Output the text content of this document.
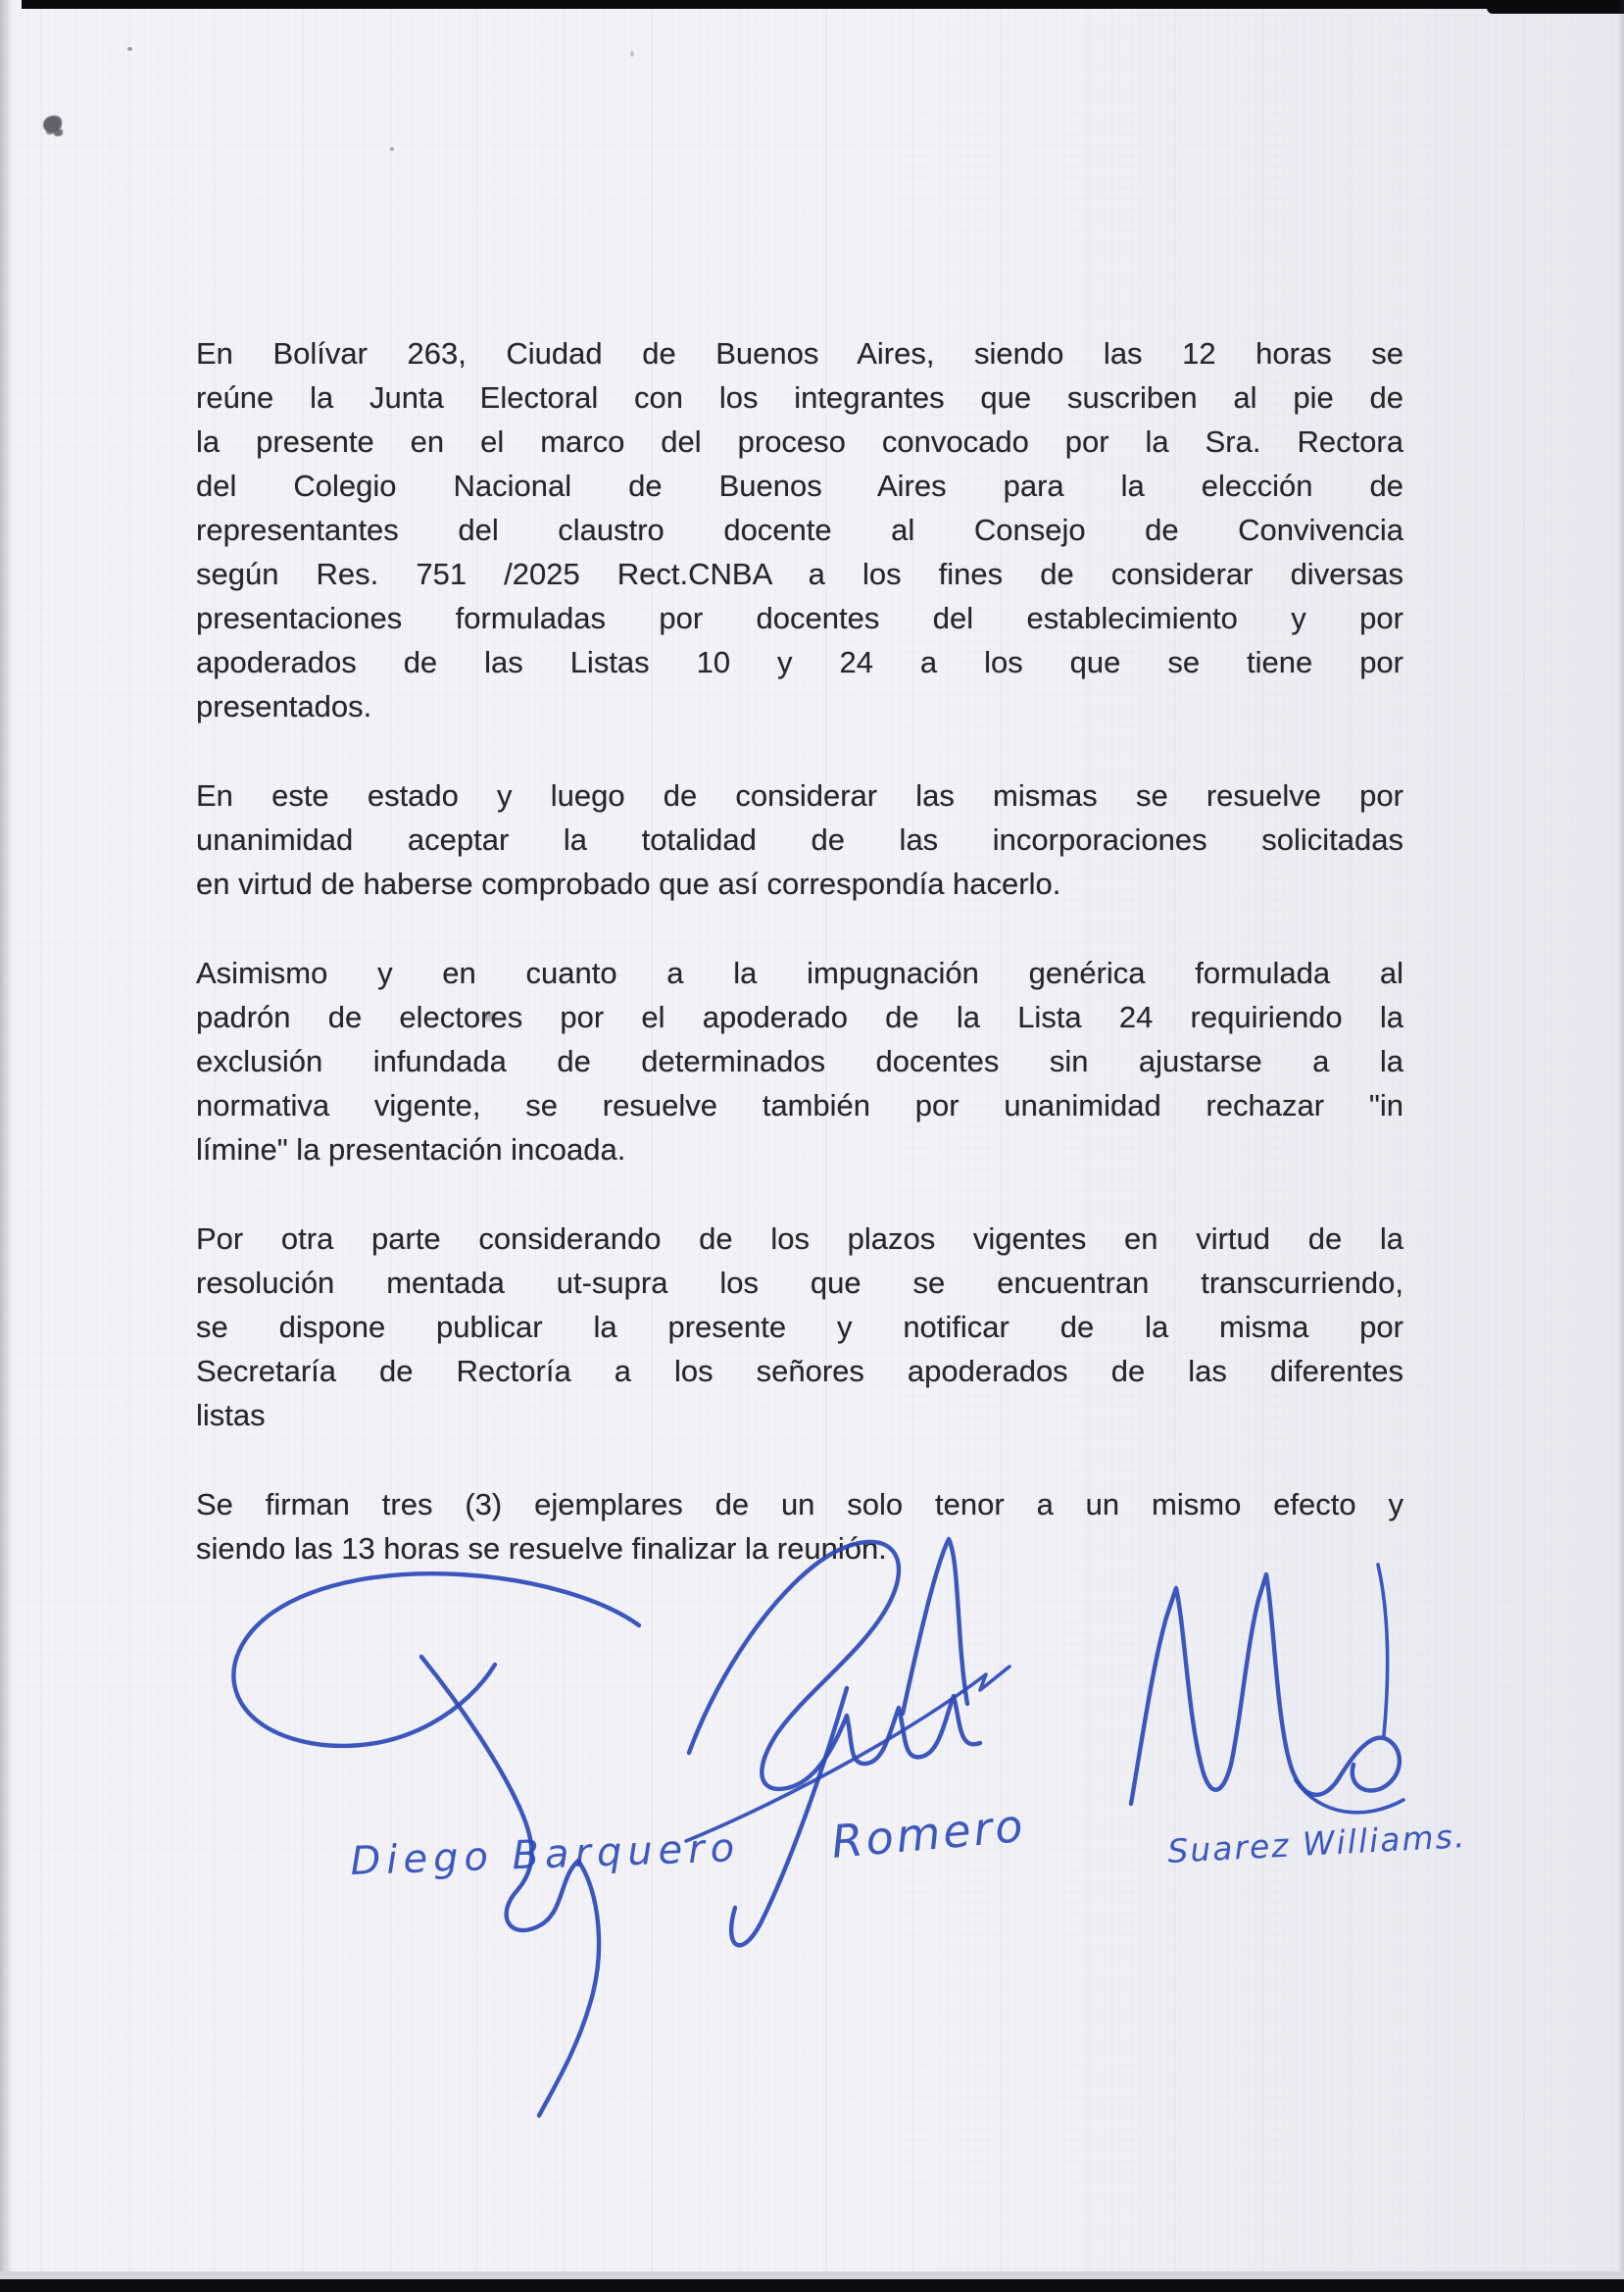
En Bolívar 263, Ciudad de Buenos Aires, siendo las 12 horas se
reúne la Junta Electoral con los integrantes que suscriben al pie de
la presente en el marco del proceso convocado por la Sra. Rectora
del Colegio Nacional de Buenos Aires para la elección de
representantes del claustro docente al Consejo de Convivencia
según Res. 751 /2025 Rect.CNBA a los fines de considerar diversas
presentaciones formuladas por docentes del establecimiento y por
apoderados de las Listas 10 y 24 a los que se tiene por
presentados.
En este estado y luego de considerar las mismas se resuelve por
unanimidad aceptar la totalidad de las incorporaciones solicitadas
en virtud de haberse comprobado que así correspondía hacerlo.
Asimismo y en cuanto a la impugnación genérica formulada al
padrón de electores por el apoderado de la Lista 24 requiriendo la
exclusión infundada de determinados docentes sin ajustarse a la
normativa vigente, se resuelve también por unanimidad rechazar "in
límine" la presentación incoada.
Por otra parte considerando de los plazos vigentes en virtud de la
resolución mentada ut-supra los que se encuentran transcurriendo,
se dispone publicar la presente y notificar de la misma por
Secretaría de Rectoría a los señores apoderados de las diferentes
listas
Se firman tres (3) ejemplares de un solo tenor a un mismo efecto y
siendo las 13 horas se resuelve finalizar la reunión.
Diego Barquero Romero	Suarez Williams.
